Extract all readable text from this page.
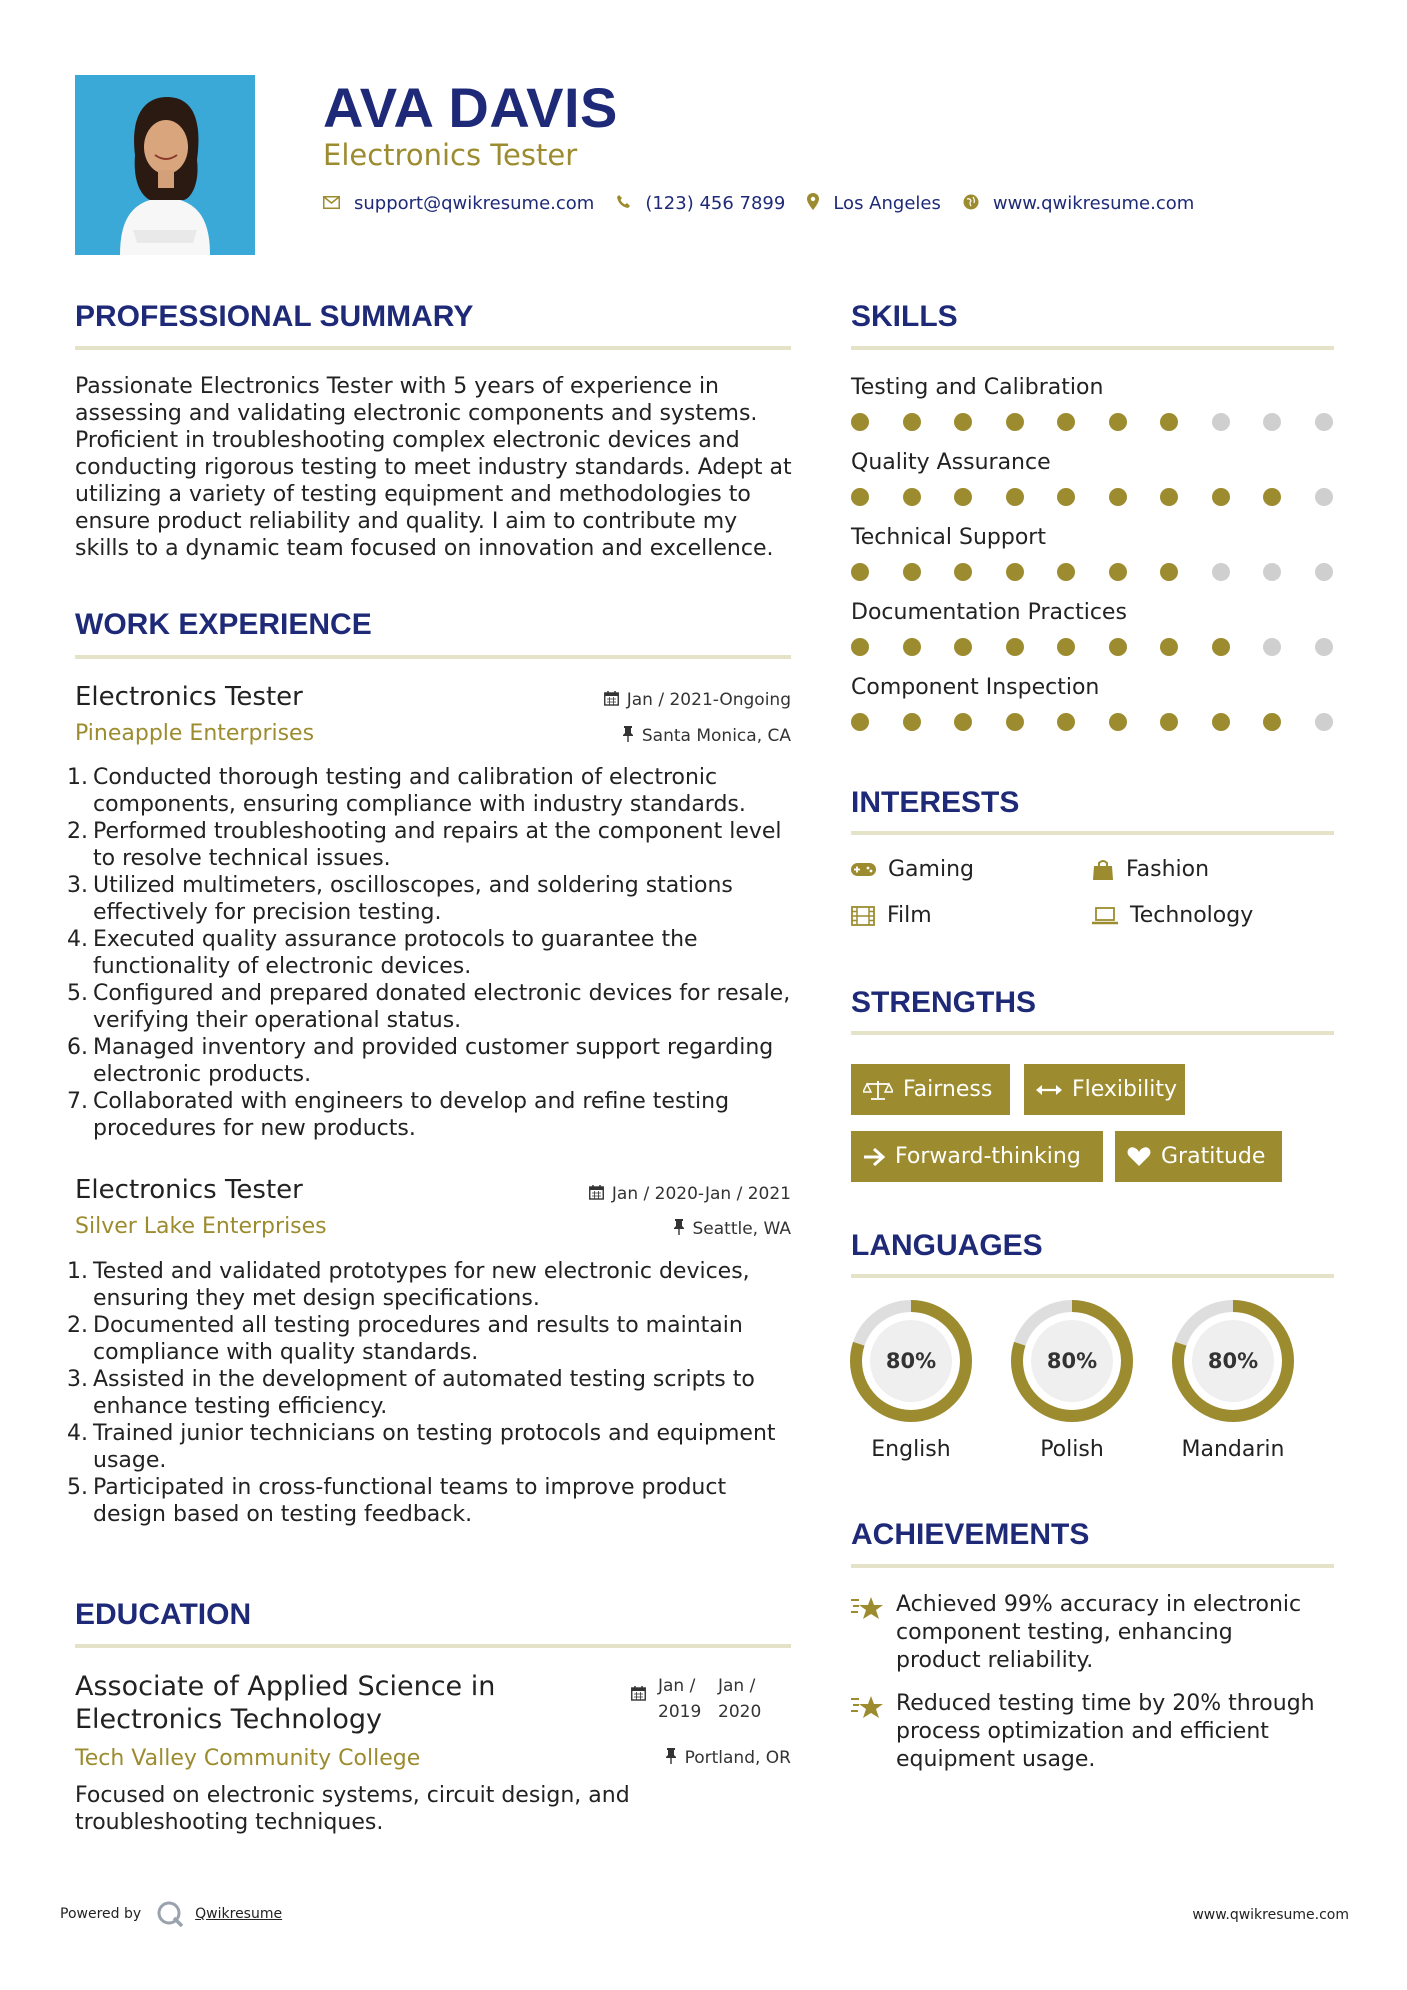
AVA DAVIS
Electronics Tester
support@qwikresume.com	(123) 456 7899	Los Angeles	www.qwikresume.com
PROFESSIONAL SUMMARY
Passionate Electronics Tester with 5 years of experience in assessing and validating electronic components and systems. Proficient in troubleshooting complex electronic devices and conducting rigorous testing to meet industry standards. Adept at utilizing a variety of testing equipment and methodologies to ensure product reliability and quality. I aim to contribute my skills to a dynamic team focused on innovation and excellence.
WORK EXPERIENCE
Electronics Tester	Jan / 2021-Ongoing
Pineapple Enterprises	Santa Monica, CA
1. Conducted thorough testing and calibration of electronic components, ensuring compliance with industry standards.
2. Performed troubleshooting and repairs at the component level to resolve technical issues.
3. Utilized multimeters, oscilloscopes, and soldering stations effectively for precision testing.
4. Executed quality assurance protocols to guarantee the functionality of electronic devices.
5. Configured and prepared donated electronic devices for resale, verifying their operational status.
6. Managed inventory and provided customer support regarding electronic products.
7. Collaborated with engineers to develop and refine testing procedures for new products.
Electronics Tester	Jan / 2020-Jan / 2021
Silver Lake Enterprises	Seattle, WA
1. Tested and validated prototypes for new electronic devices, ensuring they met design specifications.
2. Documented all testing procedures and results to maintain compliance with quality standards.
3. Assisted in the development of automated testing scripts to enhance testing efficiency.
4. Trained junior technicians on testing protocols and equipment usage.
5. Participated in cross-functional teams to improve product design based on testing feedback.
EDUCATION
Associate of Applied Science in
Electronics Technology
Jan /
2019
Jan /
2020
Tech Valley Community College	Portland, OR
Focused on electronic systems, circuit design, and troubleshooting techniques.
SKILLS
Testing and Calibration
Quality Assurance
Technical Support
Documentation Practices
Component Inspection
INTERESTS
Gaming	Fashion
Film	Technology
STRENGTHS
Fairness	Flexibility
Forward-thinking	Gratitude
LANGUAGES
80%
English
80%
Polish
80%
Mandarin
ACHIEVEMENTS
Achieved 99% accuracy in electronic component testing, enhancing product reliability.
Reduced testing time by 20% through process optimization and efficient equipment usage.
Powered by	Qwikresume	www.qwikresume.com
